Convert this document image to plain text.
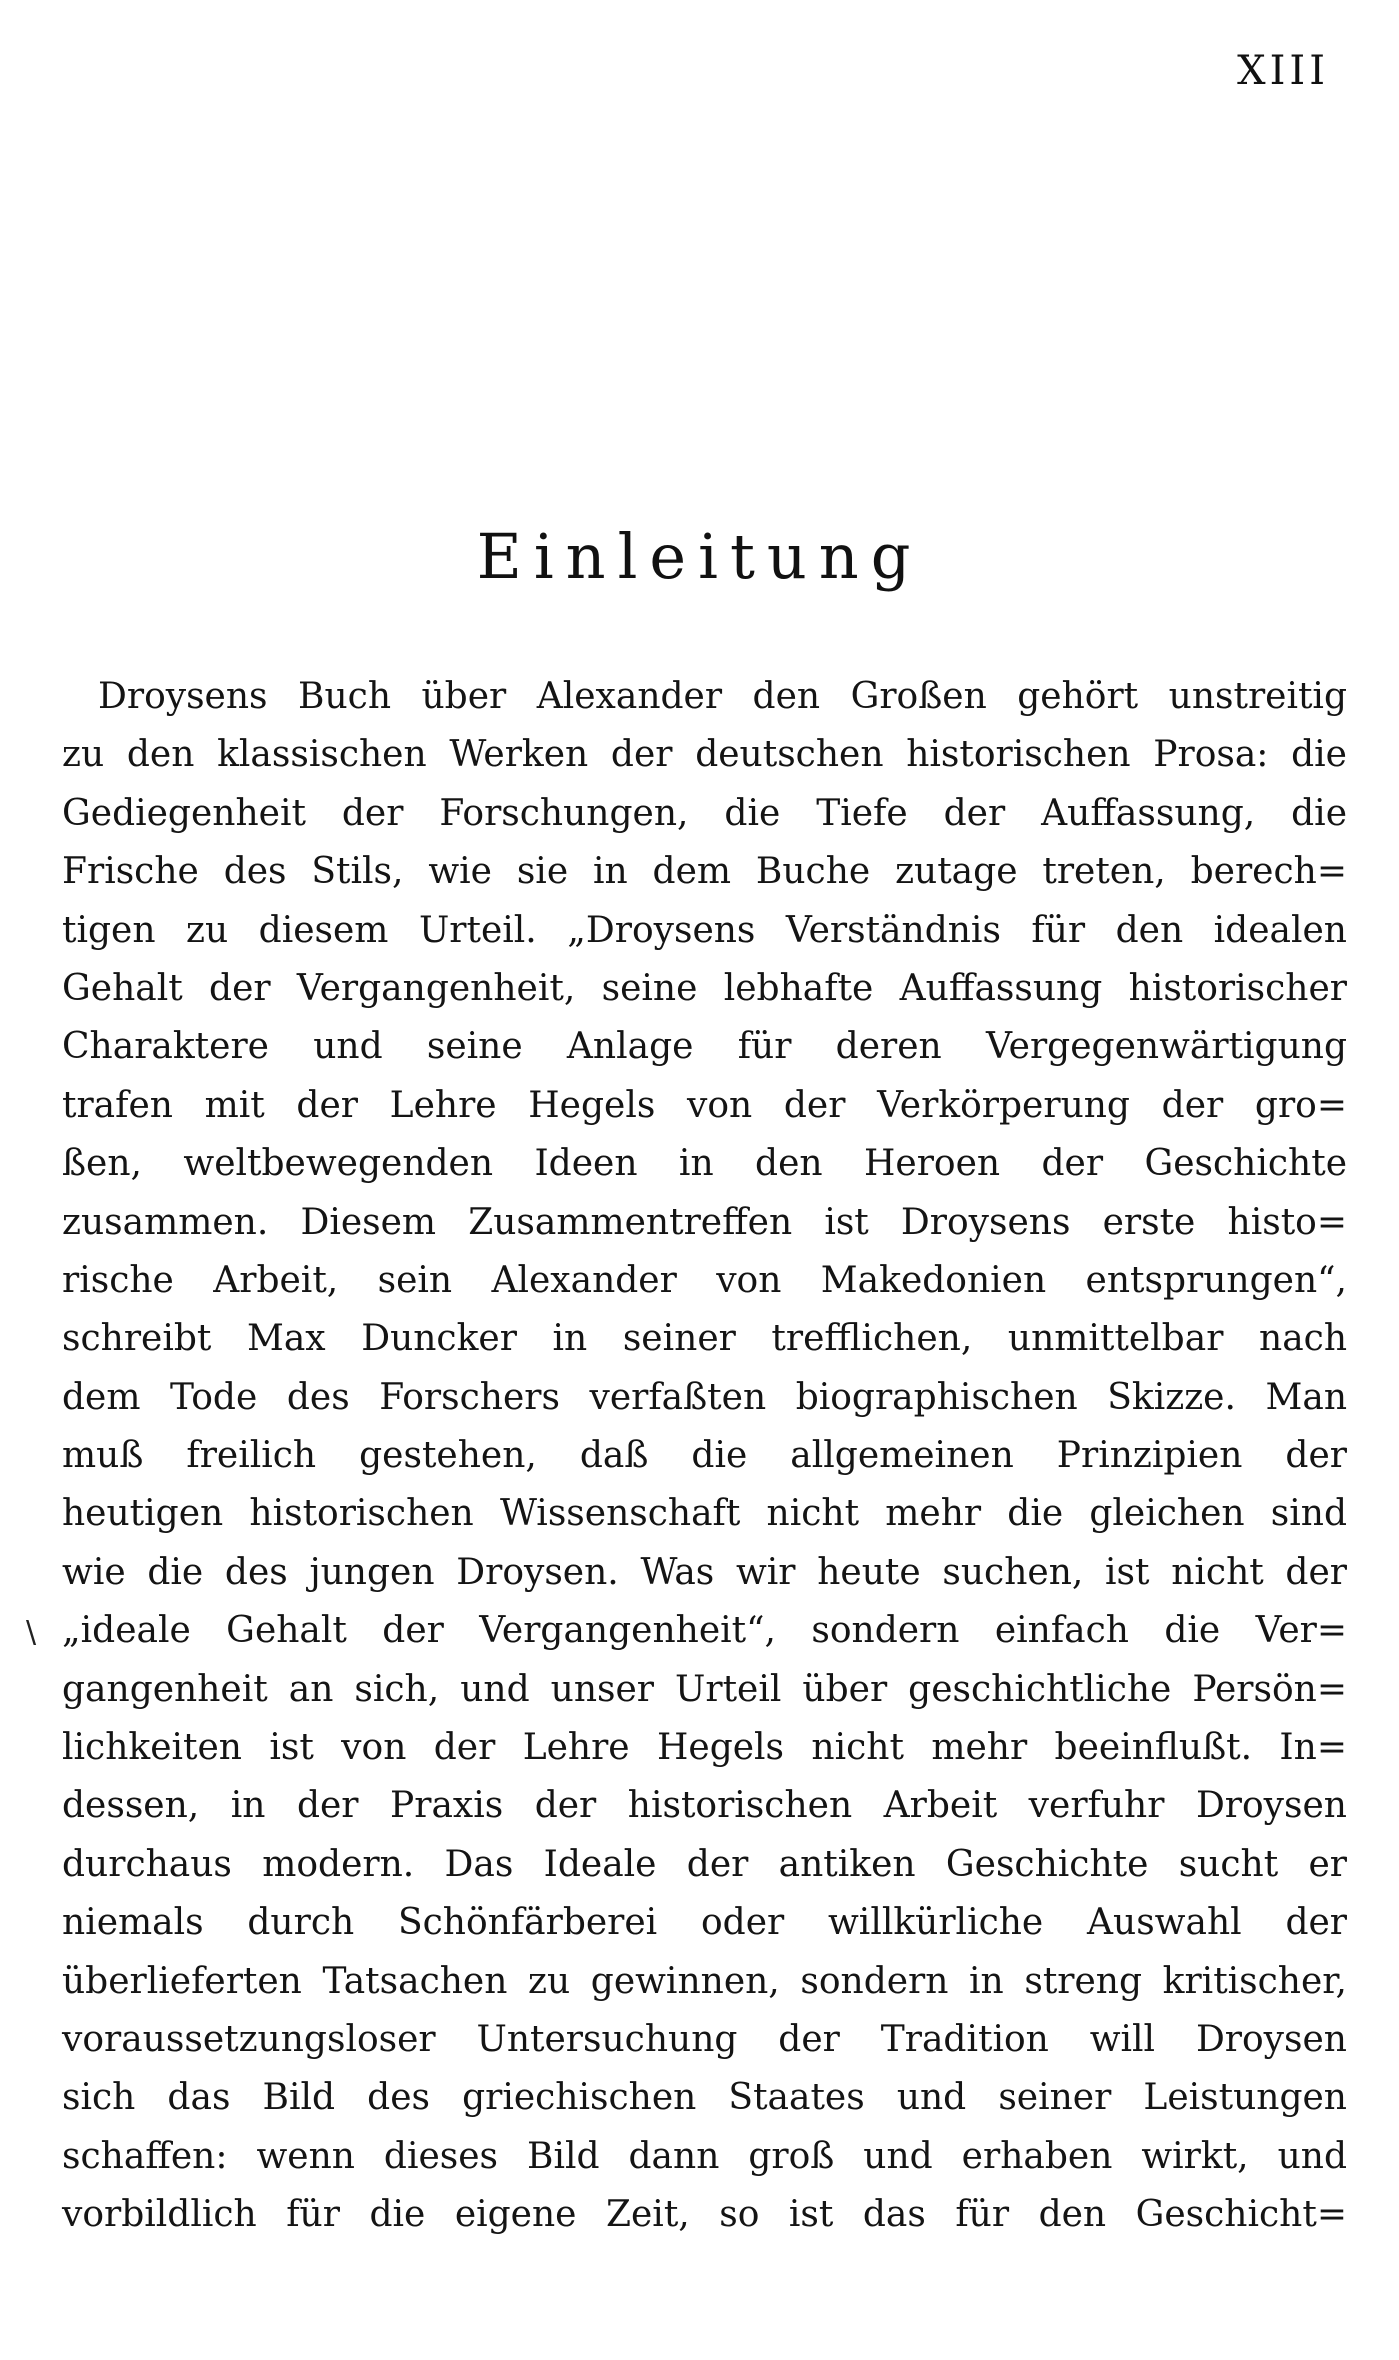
XIII
Einleitung
\
Droysens Buch über Alexander den Großen gehört unstreitig
zu den klassischen Werken der deutschen historischen Prosa: die
Gediegenheit der Forschungen, die Tiefe der Auffassung, die
Frische des Stils, wie sie in dem Buche zutage treten, berech=
tigen zu diesem Urteil. „Droysens Verständnis für den idealen
Gehalt der Vergangenheit, seine lebhafte Auffassung historischer
Charaktere und seine Anlage für deren Vergegenwärtigung
trafen mit der Lehre Hegels von der Verkörperung der gro=
ßen, weltbewegenden Ideen in den Heroen der Geschichte
zusammen. Diesem Zusammentreffen ist Droysens erste histo=
rische Arbeit, sein Alexander von Makedonien entsprungen“,
schreibt Max Duncker in seiner trefflichen, unmittelbar nach
dem Tode des Forschers verfaßten biographischen Skizze. Man
muß freilich gestehen, daß die allgemeinen Prinzipien der
heutigen historischen Wissenschaft nicht mehr die gleichen sind
wie die des jungen Droysen. Was wir heute suchen, ist nicht der
„ideale Gehalt der Vergangenheit“, sondern einfach die Ver=
gangenheit an sich, und unser Urteil über geschichtliche Persön=
lichkeiten ist von der Lehre Hegels nicht mehr beeinflußt. In=
dessen, in der Praxis der historischen Arbeit verfuhr Droysen
durchaus modern. Das Ideale der antiken Geschichte sucht er
niemals durch Schönfärberei oder willkürliche Auswahl der
überlieferten Tatsachen zu gewinnen, sondern in streng kritischer,
voraussetzungsloser Untersuchung der Tradition will Droysen
sich das Bild des griechischen Staates und seiner Leistungen
schaffen: wenn dieses Bild dann groß und erhaben wirkt, und
vorbildlich für die eigene Zeit, so ist das für den Geschicht=
